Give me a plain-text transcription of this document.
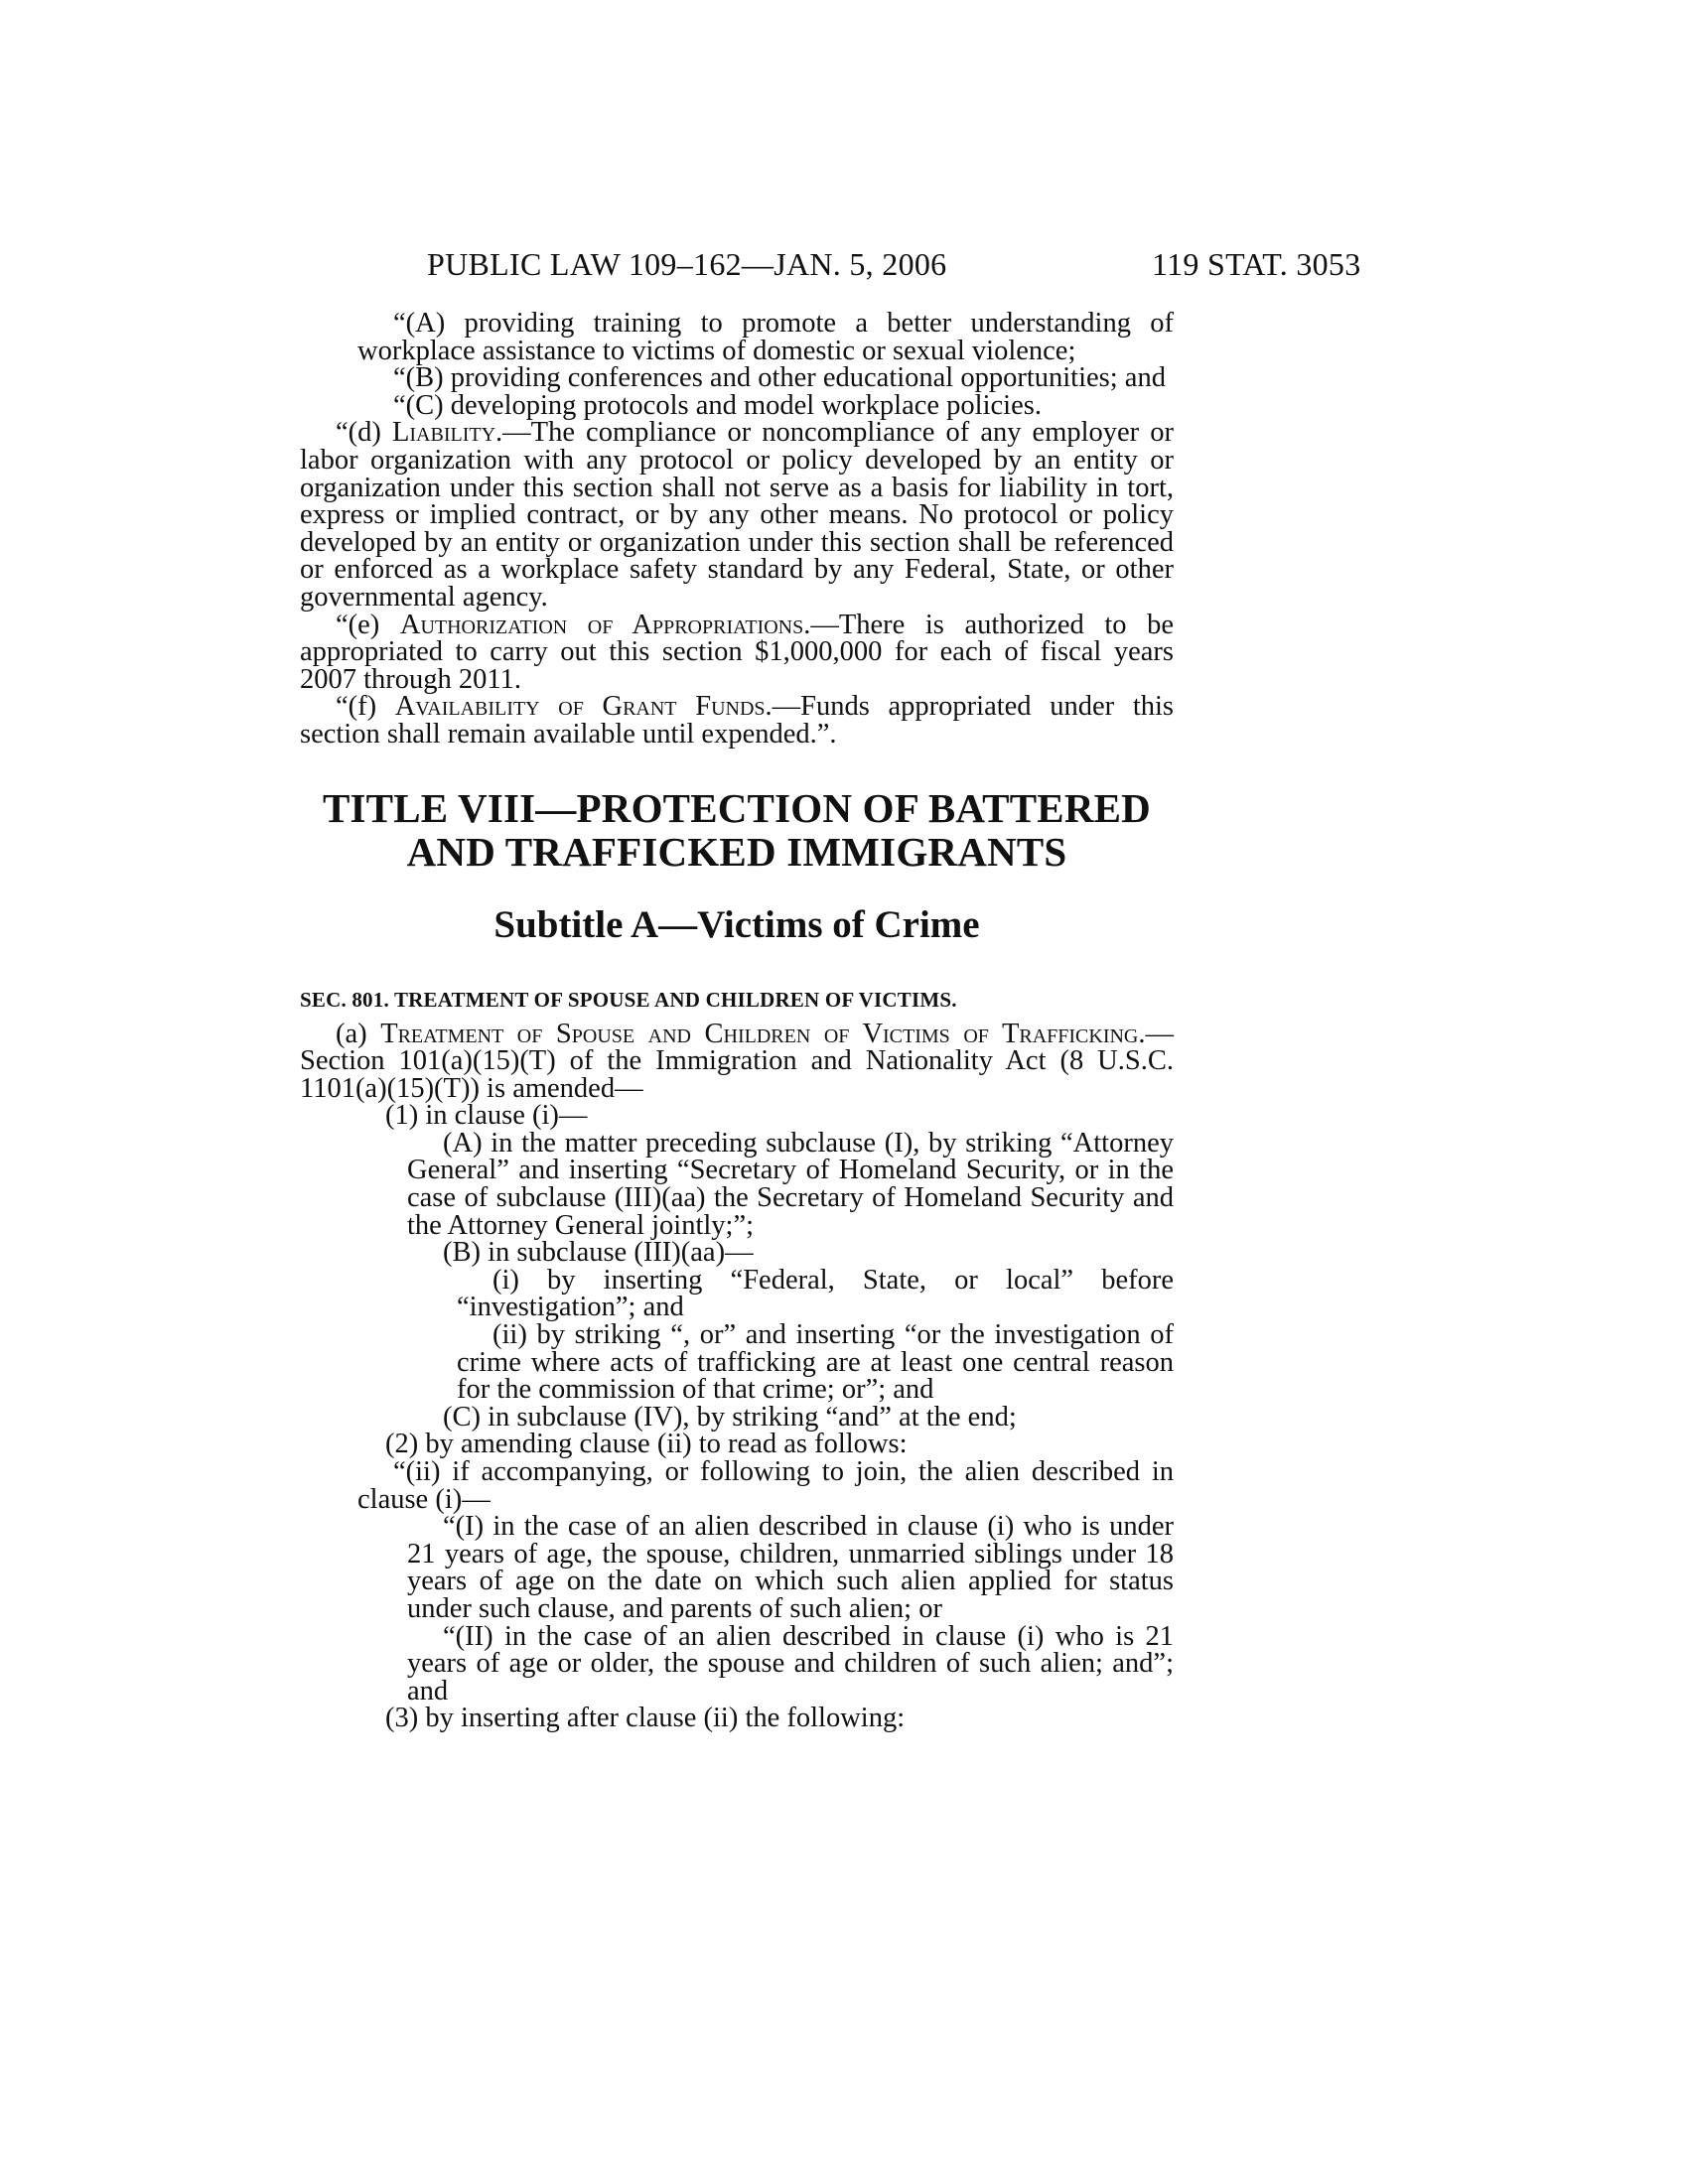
PUBLIC LAW 109–162—JAN. 5, 2006	119 STAT. 3053

“(A) providing training to promote a better understanding of workplace assistance to victims of domestic or sexual violence;

“(B) providing conferences and other educational opportunities; and

“(C) developing protocols and model workplace policies.

“(d) Liability.—The compliance or noncompliance of any employer or labor organization with any protocol or policy developed by an entity or organization under this section shall not serve as a basis for liability in tort, express or implied contract, or by any other means. No protocol or policy developed by an entity or organization under this section shall be referenced or enforced as a workplace safety standard by any Federal, State, or other governmental agency.

“(e) Authorization of Appropriations.—There is authorized to be appropriated to carry out this section $1,000,000 for each of fiscal years 2007 through 2011.

“(f) Availability of Grant Funds.—Funds appropriated under this section shall remain available until expended.”.

TITLE VIII—PROTECTION OF BATTERED
AND TRAFFICKED IMMIGRANTS
Subtitle A—Victims of Crime
SEC. 801. TREATMENT OF SPOUSE AND CHILDREN OF VICTIMS.

(a) Treatment of Spouse and Children of Victims of Trafficking.—Section 101(a)(15)(T) of the Immigration and Nationality Act (8 U.S.C. 1101(a)(15)(T)) is amended—

(1) in clause (i)—

(A) in the matter preceding subclause (I), by striking “Attorney General” and inserting “Secretary of Homeland Security, or in the case of subclause (III)(aa) the Secretary of Homeland Security and the Attorney General jointly;”;

(B) in subclause (III)(aa)—

(i) by inserting “Federal, State, or local” before “investigation”; and

(ii) by striking “, or” and inserting “or the investigation of crime where acts of trafficking are at least one central reason for the commission of that crime; or”; and

(C) in subclause (IV), by striking “and” at the end;

(2) by amending clause (ii) to read as follows:

“(ii) if accompanying, or following to join, the alien described in clause (i)—

“(I) in the case of an alien described in clause (i) who is under 21 years of age, the spouse, children, unmarried siblings under 18 years of age on the date on which such alien applied for status under such clause, and parents of such alien; or

“(II) in the case of an alien described in clause (i) who is 21 years of age or older, the spouse and children of such alien; and”; and

(3) by inserting after clause (ii) the following:
